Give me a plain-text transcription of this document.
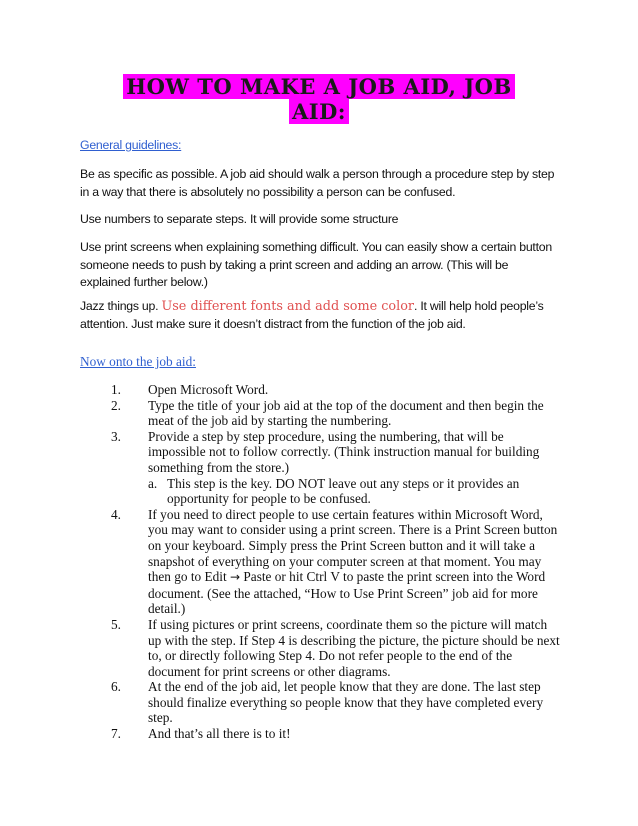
HOW TO MAKE A JOB AID, JOB AID:

General guidelines:

Be as specific as possible. A job aid should walk a person through a procedure step by step in a way that there is absolutely no possibility a person can be confused.

Use numbers to separate steps. It will provide some structure

Use print screens when explaining something difficult. You can easily show a certain button someone needs to push by taking a print screen and adding an arrow. (This will be explained further below.)

Jazz things up. Use different fonts and add some color. It will help hold people’s attention. Just make sure it doesn’t distract from the function of the job aid.

Now onto the job aid:

1. Open Microsoft Word.
2. Type the title of your job aid at the top of the document and then begin the meat of the job aid by starting the numbering.
3. Provide a step by step procedure, using the numbering, that will be impossible not to follow correctly. (Think instruction manual for building something from the store.)
a. This step is the key. DO NOT leave out any steps or it provides an opportunity for people to be confused.
4. If you need to direct people to use certain features within Microsoft Word, you may want to consider using a print screen. There is a Print Screen button on your keyboard. Simply press the Print Screen button and it will take a snapshot of everything on your computer screen at that moment. You may then go to Edit → Paste or hit Ctrl V to paste the print screen into the Word document. (See the attached, “How to Use Print Screen” job aid for more detail.)
5. If using pictures or print screens, coordinate them so the picture will match up with the step. If Step 4 is describing the picture, the picture should be next to, or directly following Step 4. Do not refer people to the end of the document for print screens or other diagrams.
6. At the end of the job aid, let people know that they are done. The last step should finalize everything so people know that they have completed every step.
7. And that’s all there is to it!
